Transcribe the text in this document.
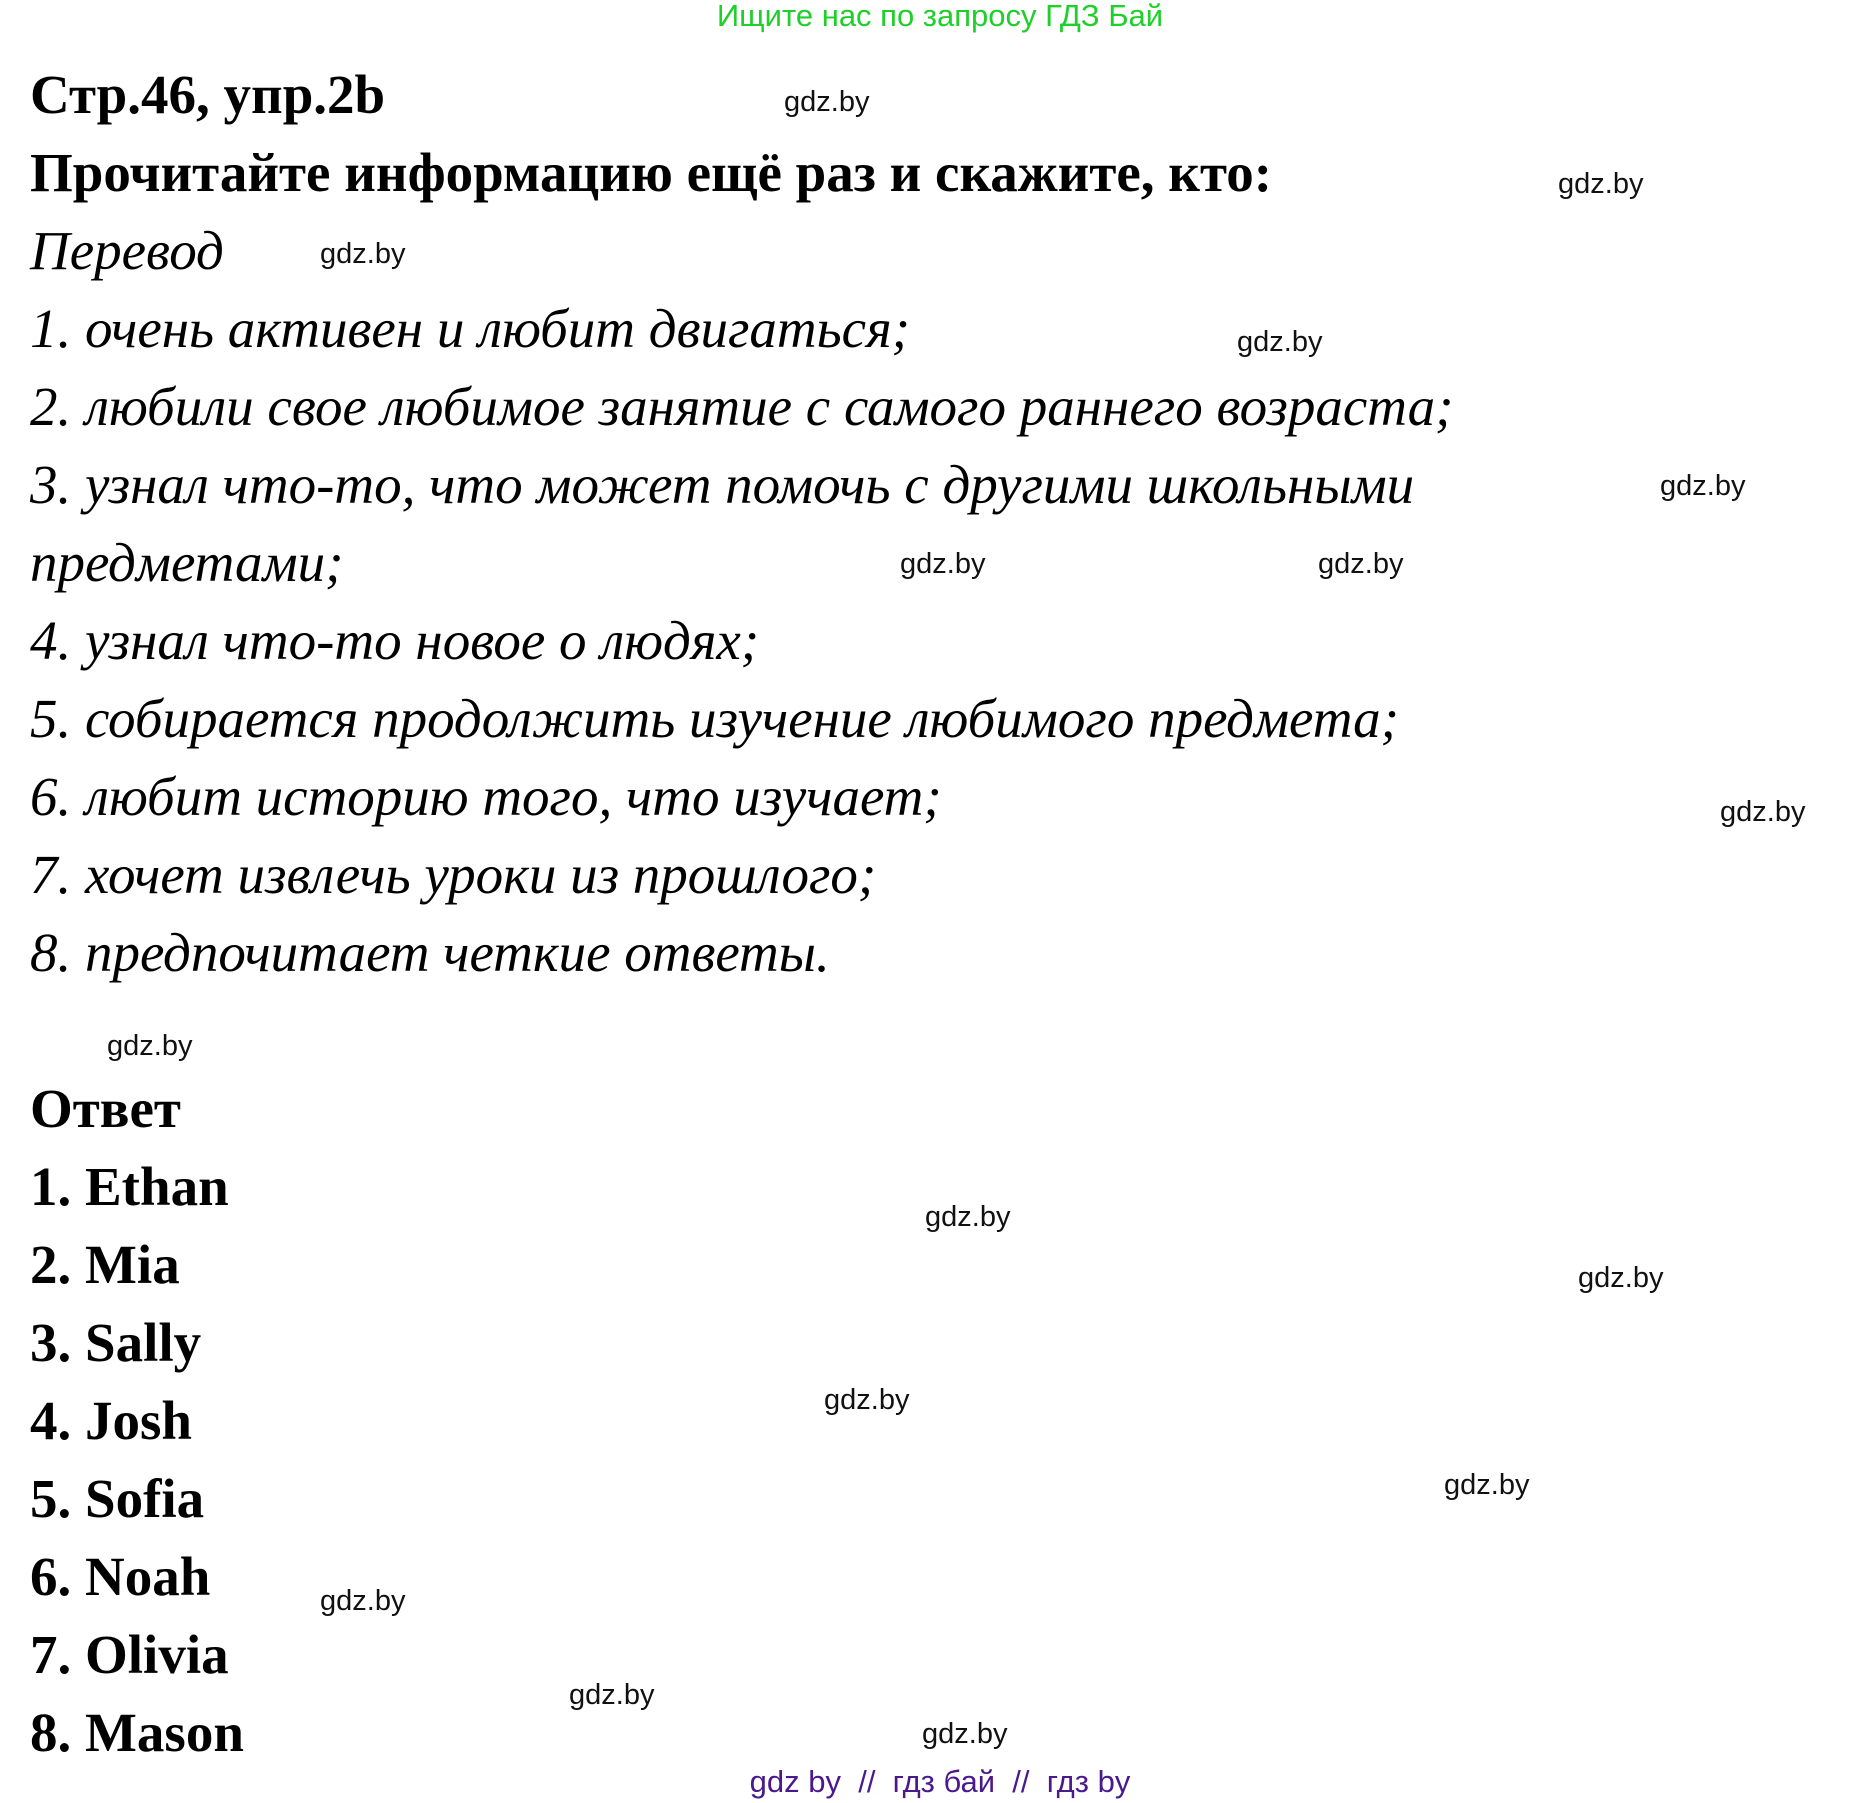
Ищите нас по запросу ГДЗ Бай
Стр.46, упр.2b
Прочитайте информацию ещё раз и скажите, кто:
Перевод
1. очень активен и любит двигаться;
2. любили свое любимое занятие с самого раннего возраста;
3. узнал что-то, что может помочь с другими школьными
предметами;
4. узнал что-то новое о людях;
5. собирается продолжить изучение любимого предмета;
6. любит историю того, что изучает;
7. хочет извлечь уроки из прошлого;
8. предпочитает четкие ответы.
Ответ
1. Ethan
2. Mia
3. Sally
4. Josh
5. Sofia
6. Noah
7. Olivia
8. Mason
gdz.by
gdz.by
gdz.by
gdz.by
gdz.by
gdz.by
gdz.by
gdz.by
gdz.by
gdz.by
gdz.by
gdz.by
gdz.by
gdz.by
gdz.by
gdz.by
gdz by  //  гдз бай  //  гдз by
